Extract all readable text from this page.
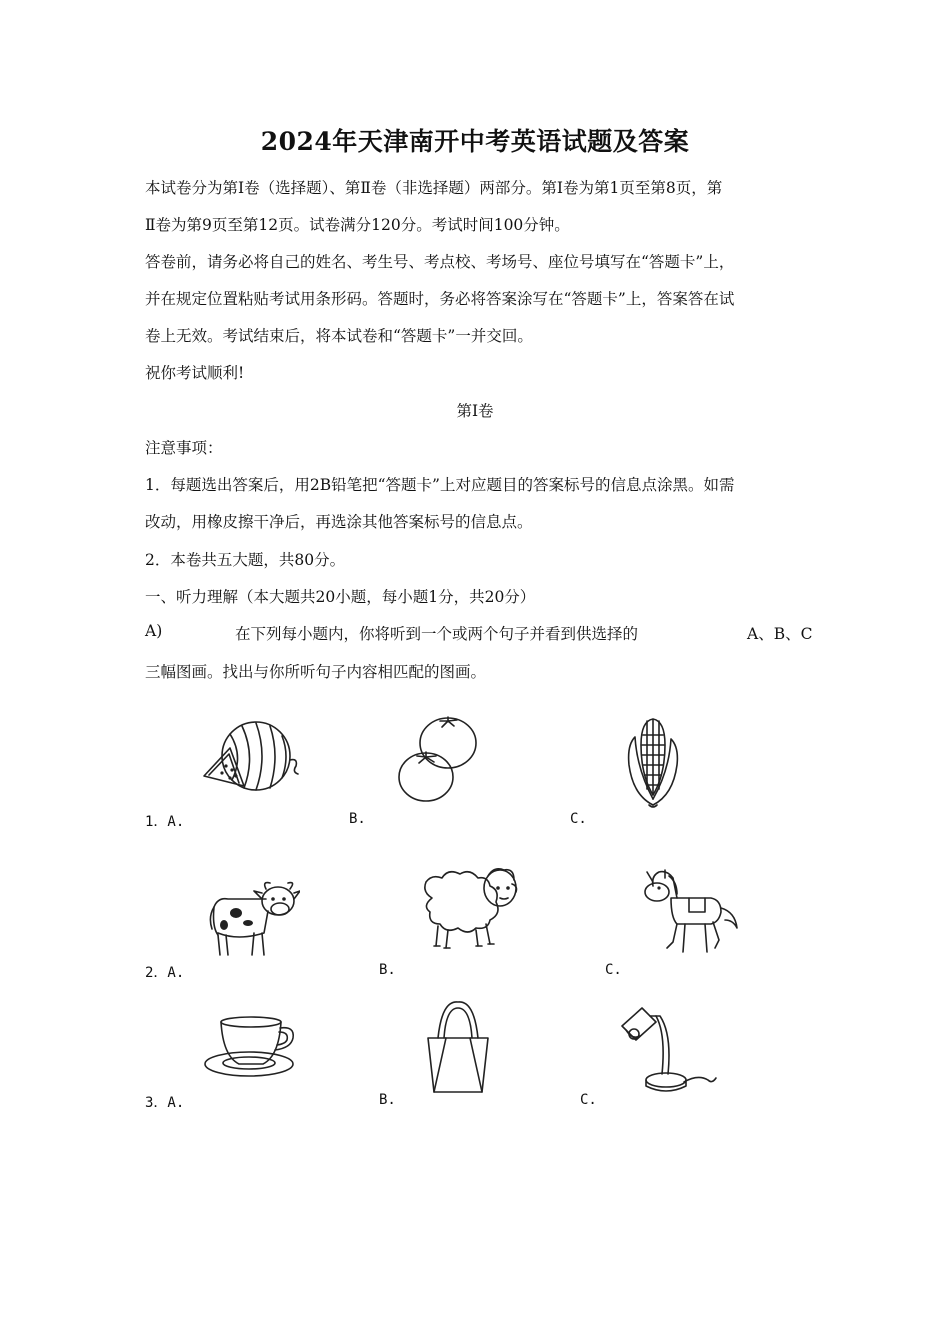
2024年天津南开中考英语试题及答案
本试卷分为第Ⅰ卷（选择题）、第Ⅱ卷（非选择题）两部分。第Ⅰ卷为第1页至第8页，第
Ⅱ卷为第9页至第12页。试卷满分120分。考试时间100分钟。
答卷前，请务必将自己的姓名、考生号、考点校、考场号、座位号填写在“答题卡”上，
并在规定位置粘贴考试用条形码。答题时，务必将答案涂写在“答题卡”上，答案答在试
卷上无效。考试结束后，将本试卷和“答题卡”一并交回。
祝你考试顺利!
第Ⅰ卷
注意事项：
1．每题选出答案后，用2B铅笔把“答题卡”上对应题目的答案标号的信息点涂黑。如需
改动，用橡皮擦干净后，再选涂其他答案标号的信息点。
2．本卷共五大题，共80分。
一、听力理解（本大题共20小题，每小题1分，共20分）
A)	在下列每小题内，你将听到一个或两个句子并看到供选择的	A、B、C
三幅图画。找出与你所听句子内容相匹配的图画。
1．A.	B.	C.
2．A.	B.	C.
3．A.	B.	C.
